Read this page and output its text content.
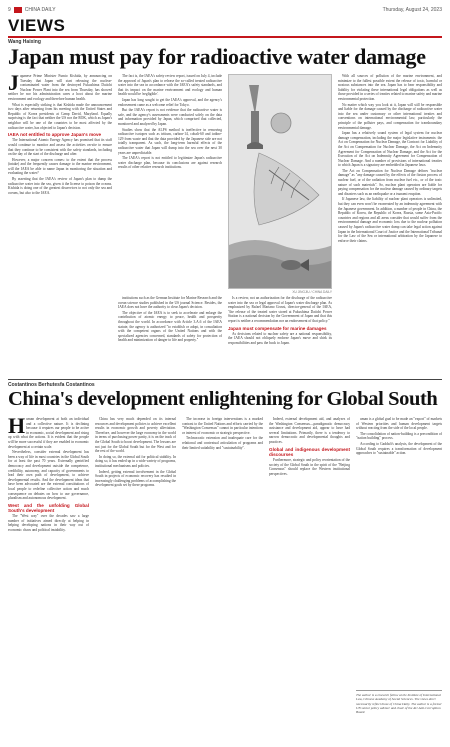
9	CHINA DAILY	Thursday, August 24, 2023
VIEWS
Wang Haixing
Japan must pay for radioactive water damage

Japanese Prime Minister Fumio Kishida, by announcing on Tuesday that Japan will start releasing the nuclear-contaminated water from the destroyed Fukushima Daiichi Nuclear Power Plant into the sea from Thursday, has showed neither he nor his administration cares a hoot about the marine environment and ecology and therefore human health.

What is especially striking is that Kishida made the announcement two days after returning from his meeting with the United States and Republic of Korea presidents at Camp David, Maryland. Equally surprising is the fact that neither the US nor the ROK, which as Japan's neighbor will be one of the countries to be most affected by the radioactive water, has objected to Japan's decision.

IAEA not entitled to approve Japan's move

The International Atomic Energy Agency has promised that its staff would continue to monitor and assess the activities on-site to ensure that they continue to be consistent with the safety standards, including on the day of the start of the discharge and after.

However, a major concern comes: to the extent that the process (intake) and the frequently causes damage to the marine environment, will the IAEA be able to name Japan in monitoring the situation and evaluating the water?

By asserting that the IAEA's review of Japan's plan to dump the radioactive water into the sea, given it the license to poison the oceans. Kishida is doing one of the greatest disservices to not only the sea and oceans, but also to the IAEA.

The fact is, the IAEA's safety review report, issued on July 4, include the approval of Japan's plan to release the so-called treated radioactive water into the sea in accordance with the IAEA's safety standards, and that its impact on the marine environment and ecology and human health would be 'negligible'.

Japan has long sought to get the IAEA's approval, and the agency's endorsement came as a welcome relief for Tokyo.

But the IAEA's report is not evidence that the radioactive water is safe, and the agency's assessments were conducted solely on the data and information provided by Japan, which comprised that collected, monitored and analyzed by Japan.

Studies show that the ALPS method is ineffective in removing radioactive isotopes such as tritium, carbon-14, cobalt-60 and iodine-129 from waste and that the data provided by the Japanese side are not totally transparent. As such, the long-term harmful effects of the radioactive water that Japan will dump into the sea over the next 30 years are unpredictable.

The IAEA's report is not entitled to legitimize Japan's radioactive water discharge plan, because its conclusions are against research results of other relative research institutions.

XU JINGJIU / CHINA DAILY

institutions such as the German Institute for Marine Research and the ocean science studies published in the US journal Science. Besides, the IAEA does not have the authority to clear Japan's decision.

The objective of the IAEA is to seek to accelerate and enlarge the contribution of atomic energy to peace, health and prosperity throughout the world. In accordance with Article 3.A.6 of the IAEA statute, the agency is authorized "to establish or adopt, in consultation with the competent organs of the United Nations and with the specialized agencies concerned, standards of safety for protection of health and minimization of danger to life and property."

Is a review, not an authorization for the discharge of the radioactive water into the sea or legal approval of Japan's water discharge plan. As emphasized by Rafael Mariano Grossi, director-general of the IAEA, "the release of the treated water stored at Fukushima Daiichi Power Station is a national decision by the Government of Japan and that this report is neither a recommendation nor an endorsement of that policy."

Japan must compensate for marine damages

As decisions related to nuclear safety are a national responsibility, the IAEA should not obliquely endorse Japan's move and shirk its responsibilities and pass the buck to Japan.

With all sources of pollution of the marine environment, and minimize to the fullest possible extent the release of toxic, harmful or noxious substances into the sea. Japan has to bear responsibility and liability for violating these international legal obligations as well as those provided in a series of treaties related to marine safety and marine environmental protection.

No matter which way you look at it, Japan will still be responsible and liable for the damage caused by the discharge of radioactive water into the sea under customary or other international treaties and conventions on international environmental law, particularly the principle of the polluter pays, and compensation for transboundary environmental damage.

Japan has a relatively sound system of legal system for nuclear damage compensation, including the major legislative instruments: the Act on Compensation for Nuclear Damage, the Contract for Liability of the Act on Compensation for Nuclear Damage, the Act on Indemnity Agreement for Compensation of Nuclear Damage, and the Act for the Execution of the Act on Indemnity Agreement for Compensation of Nuclear Damage. And a number of provisions of international treaties to which Japan is a signatory are embedded in Japanese laws.

The Act on Compensation for Nuclear Damage defines "nuclear damage" as "any damage caused by the effects of the fission process of nuclear fuel, or of the radiation from nuclear fuel etc., or of the toxic nature of such materials". So, nuclear plant operators are liable for paying compensation for the nuclear damage caused by ordinary targets and disasters such as an earthquake or a tsunami eruption.

If Japanese law, the liability of nuclear plant operators is unlimited, but they can even won't be exonerated by an indemnity agreement with the Japanese government. In addition, a number of people in China, the Republic of Korea, the Republic of Korea, Russia, some Asia-Pacific countries and regions and all areas consider that would suffer from the environmental damage and economic loss due to the nuclear pollution caused by Japan's radioactive water dump can take legal action against Japan in the International Court of Justice and the International Tribunal for the Law of the Sea or international arbitration by the Japanese to enforce their claims.

Costantinos Berhutesfa Costantinos
China's development enlightening for Global South

Human development at both an individual and a collective nature. It is declining because it requires our people to be active in economic, social development and rising up with what the actions. It is evident that the people will be more successful if they are enabled in economic development at a certain scale.

Nevertheless, consider external development has been a way of life in most countries in the Global South for at least the past 70 years. Externally gentrified democracy and development outside the competence, credibility, autonomy, and capacity of governments to lead their own path of development, to achieve developmental results. And the development ideas that have been advocated are the external constitutions of local people to redefine collective action and much consequence on debates on how to use governance, pluralism and autonomous development.

West and the unfolding Global South's development

The "West way" over the decades saw a large number of initiatives aimed directly at helping in helping developing nations in their way out of economic chaos and political instability.

China has very much depended on its internal resources and development policies to achieve excellent results in economic growth and poverty alleviation. Therefore, and however the large economy in the world in terms of purchasing power parity, it is on the track of the Global South to boost development. The lessons are not just for the Global South but for the West and for the rest of the world.

In doing so, the external aid for political stability. In doing so, it has ended up in a wide variety of programs, institutional mechanisms and policies.

Indeed, getting external involvement in the Global South in projects of economic recovery has resulted in increasingly challenging problems of accomplishing the development goals set by these programs.

The increase in foreign interventions is a marked contrast to the United Nations and efforts carried by the "Washington Consensus" cannot in particular intentions or interest of economic or strategic perspective.

Technocratic extension and inadequate care for the relational and contextual articulation of programs and their limited suitability and "sustainability".

Indeed, external development aid, and analyses of the Washington Consensus—paradigmatic democracy assistance and development aid, appear to have had several limitations. Primarily, there is a tendency to narrow democratic and developmental thoughts and practices.

Global and indigenous development discourses

Furthermore, strategic and policy reorientation of the society of the Global South in the spirit of the "Beijing Consensus" should replace the Western institutional perspectives.

uman is a global goal to be made an "export" of markets of Western priorities and human development targets without reacting from the side of the local people.

The consolidation of nation-building is a precondition of "nation building" process.

According to Gaddafi's analysis, the development of the Global South requires a transformation of development approaches to "sustainable" action.

The author is a research fellow at the Institute of International Law, Chinese Academy of Social Sciences. The views don't necessarily reflect those of China Daily. The author is a former UN senior policy adviser and chair of the AU Anti-Corruption Board.
